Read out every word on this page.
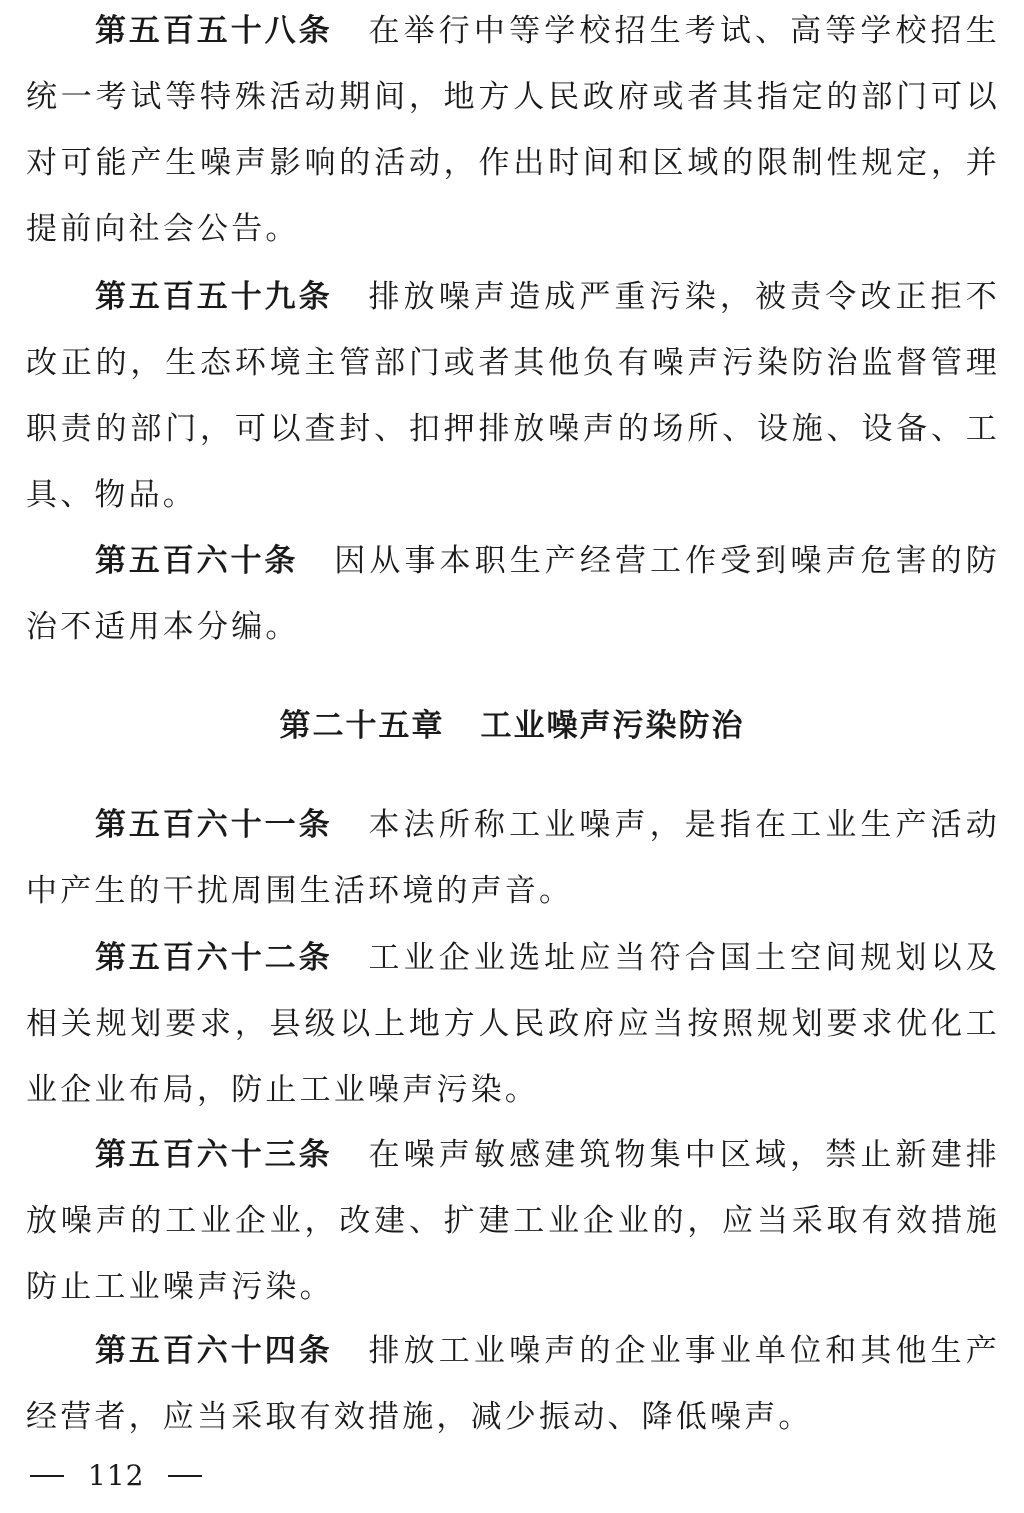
第五百五十八条 在举行中等学校招生考试、高等学校招生统一考试等特殊活动期间，地方人民政府或者其指定的部门可以对可能产生噪声影响的活动，作出时间和区域的限制性规定，并提前向社会公告。

第五百五十九条 排放噪声造成严重污染，被责令改正拒不改正的，生态环境主管部门或者其他负有噪声污染防治监督管理职责的部门，可以查封、扣押排放噪声的场所、设施、设备、工具、物品。

第五百六十条 因从事本职生产经营工作受到噪声危害的防治不适用本分编。

第二十五章 工业噪声污染防治

第五百六十一条 本法所称工业噪声，是指在工业生产活动中产生的干扰周围生活环境的声音。

第五百六十二条 工业企业选址应当符合国土空间规划以及相关规划要求，县级以上地方人民政府应当按照规划要求优化工业企业布局，防止工业噪声污染。

第五百六十三条 在噪声敏感建筑物集中区域，禁止新建排放噪声的工业企业，改建、扩建工业企业的，应当采取有效措施防止工业噪声污染。

第五百六十四条 排放工业噪声的企业事业单位和其他生产经营者，应当采取有效措施，减少振动、降低噪声。

112
